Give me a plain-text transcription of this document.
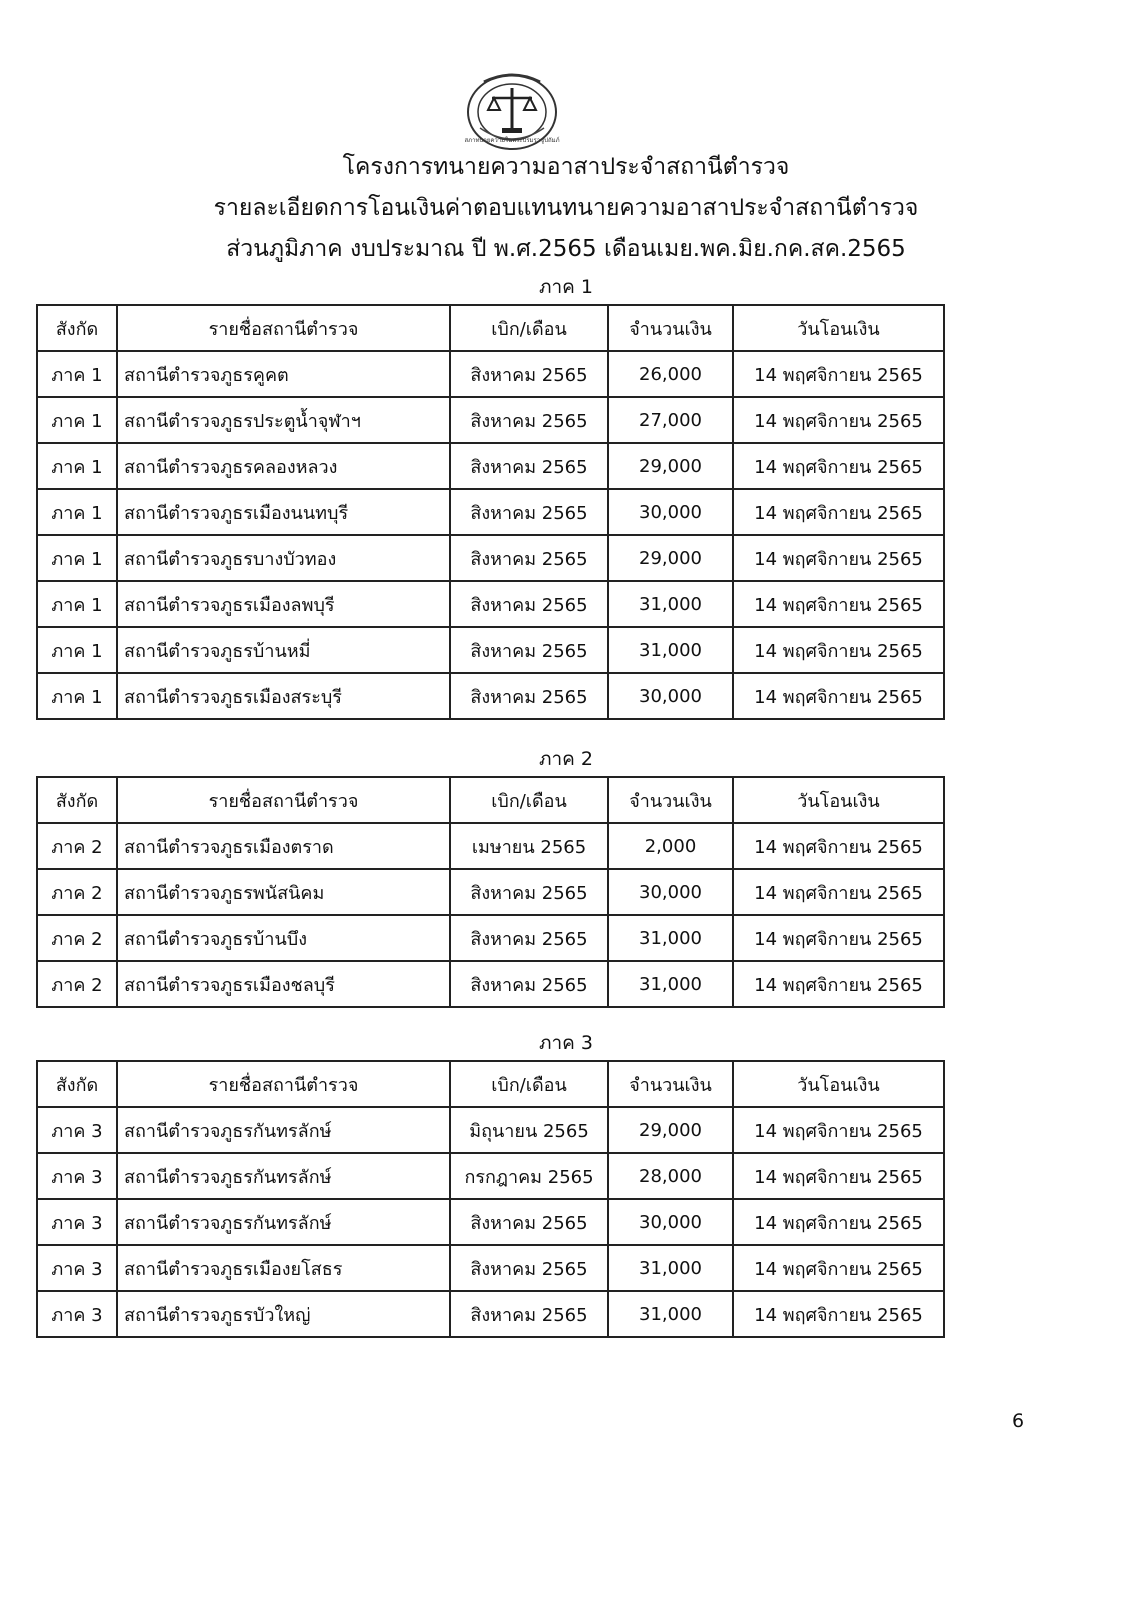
สภาทนายความในพระบรมราชูปถัมภ์
โครงการทนายความอาสาประจำสถานีตำรวจ
รายละเอียดการโอนเงินค่าตอบแทนทนายความอาสาประจำสถานีตำรวจ
ส่วนภูมิภาค งบประมาณ ปี พ.ศ.2565 เดือนเมย.พค.มิย.กค.สค.2565
ภาค 1
สังกัด	รายชื่อสถานีตำรวจ	เบิก/เดือน	จำนวนเงิน	วันโอนเงิน
ภาค 1	สถานีตำรวจภูธรคูคต	สิงหาคม 2565	26,000	14 พฤศจิกายน 2565
ภาค 1	สถานีตำรวจภูธรประตูน้ำจุฬาฯ	สิงหาคม 2565	27,000	14 พฤศจิกายน 2565
ภาค 1	สถานีตำรวจภูธรคลองหลวง	สิงหาคม 2565	29,000	14 พฤศจิกายน 2565
ภาค 1	สถานีตำรวจภูธรเมืองนนทบุรี	สิงหาคม 2565	30,000	14 พฤศจิกายน 2565
ภาค 1	สถานีตำรวจภูธรบางบัวทอง	สิงหาคม 2565	29,000	14 พฤศจิกายน 2565
ภาค 1	สถานีตำรวจภูธรเมืองลพบุรี	สิงหาคม 2565	31,000	14 พฤศจิกายน 2565
ภาค 1	สถานีตำรวจภูธรบ้านหมี่	สิงหาคม 2565	31,000	14 พฤศจิกายน 2565
ภาค 1	สถานีตำรวจภูธรเมืองสระบุรี	สิงหาคม 2565	30,000	14 พฤศจิกายน 2565
ภาค 2
สังกัด	รายชื่อสถานีตำรวจ	เบิก/เดือน	จำนวนเงิน	วันโอนเงิน
ภาค 2	สถานีตำรวจภูธรเมืองตราด	เมษายน 2565	2,000	14 พฤศจิกายน 2565
ภาค 2	สถานีตำรวจภูธรพนัสนิคม	สิงหาคม 2565	30,000	14 พฤศจิกายน 2565
ภาค 2	สถานีตำรวจภูธรบ้านบึง	สิงหาคม 2565	31,000	14 พฤศจิกายน 2565
ภาค 2	สถานีตำรวจภูธรเมืองชลบุรี	สิงหาคม 2565	31,000	14 พฤศจิกายน 2565
ภาค 3
สังกัด	รายชื่อสถานีตำรวจ	เบิก/เดือน	จำนวนเงิน	วันโอนเงิน
ภาค 3	สถานีตำรวจภูธรกันทรลักษ์	มิถุนายน 2565	29,000	14 พฤศจิกายน 2565
ภาค 3	สถานีตำรวจภูธรกันทรลักษ์	กรกฎาคม 2565	28,000	14 พฤศจิกายน 2565
ภาค 3	สถานีตำรวจภูธรกันทรลักษ์	สิงหาคม 2565	30,000	14 พฤศจิกายน 2565
ภาค 3	สถานีตำรวจภูธรเมืองยโสธร	สิงหาคม 2565	31,000	14 พฤศจิกายน 2565
ภาค 3	สถานีตำรวจภูธรบัวใหญ่	สิงหาคม 2565	31,000	14 พฤศจิกายน 2565
6
